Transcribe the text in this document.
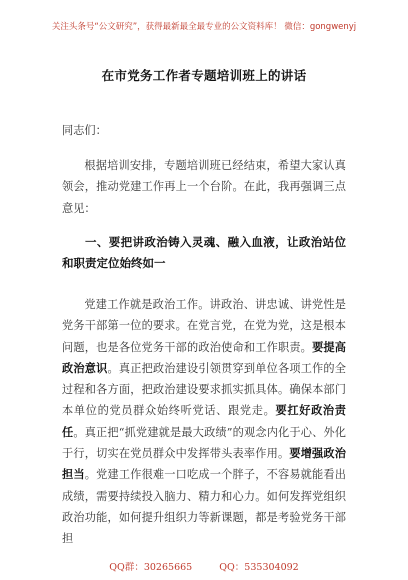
关注头条号“公文研究”，获得最新最全最专业的公文资料库！ 微信：gongwenyj
在市党务工作者专题培训班上的讲话
同志们：
根据培训安排，专题培训班已经结束，希望大家认真领会，推动党建工作再上一个台阶。在此，我再强调三点意见：
一、要把讲政治铸入灵魂、融入血液，让政治站位和职责定位始终如一
党建工作就是政治工作。讲政治、讲忠诚、讲党性是党务干部第一位的要求。在党言党，在党为党，这是根本问题，也是各位党务干部的政治使命和工作职责。要提高政治意识。真正把政治建设引领贯穿到单位各项工作的全过程和各方面，把政治建设要求抓实抓具体。确保本部门本单位的党员群众始终听党话、跟党走。要扛好政治责任。真正把“抓党建就是最大政绩”的观念内化于心、外化于行，切实在党员群众中发挥带头表率作用。要增强政治担当。党建工作很难一口吃成一个胖子，不容易就能看出成绩，需要持续投入脑力、精力和心力。如何发挥党组织政治功能，如何提升组织力等新课题，都是考验党务干部担
QQ群：30265665	QQ：535304092
